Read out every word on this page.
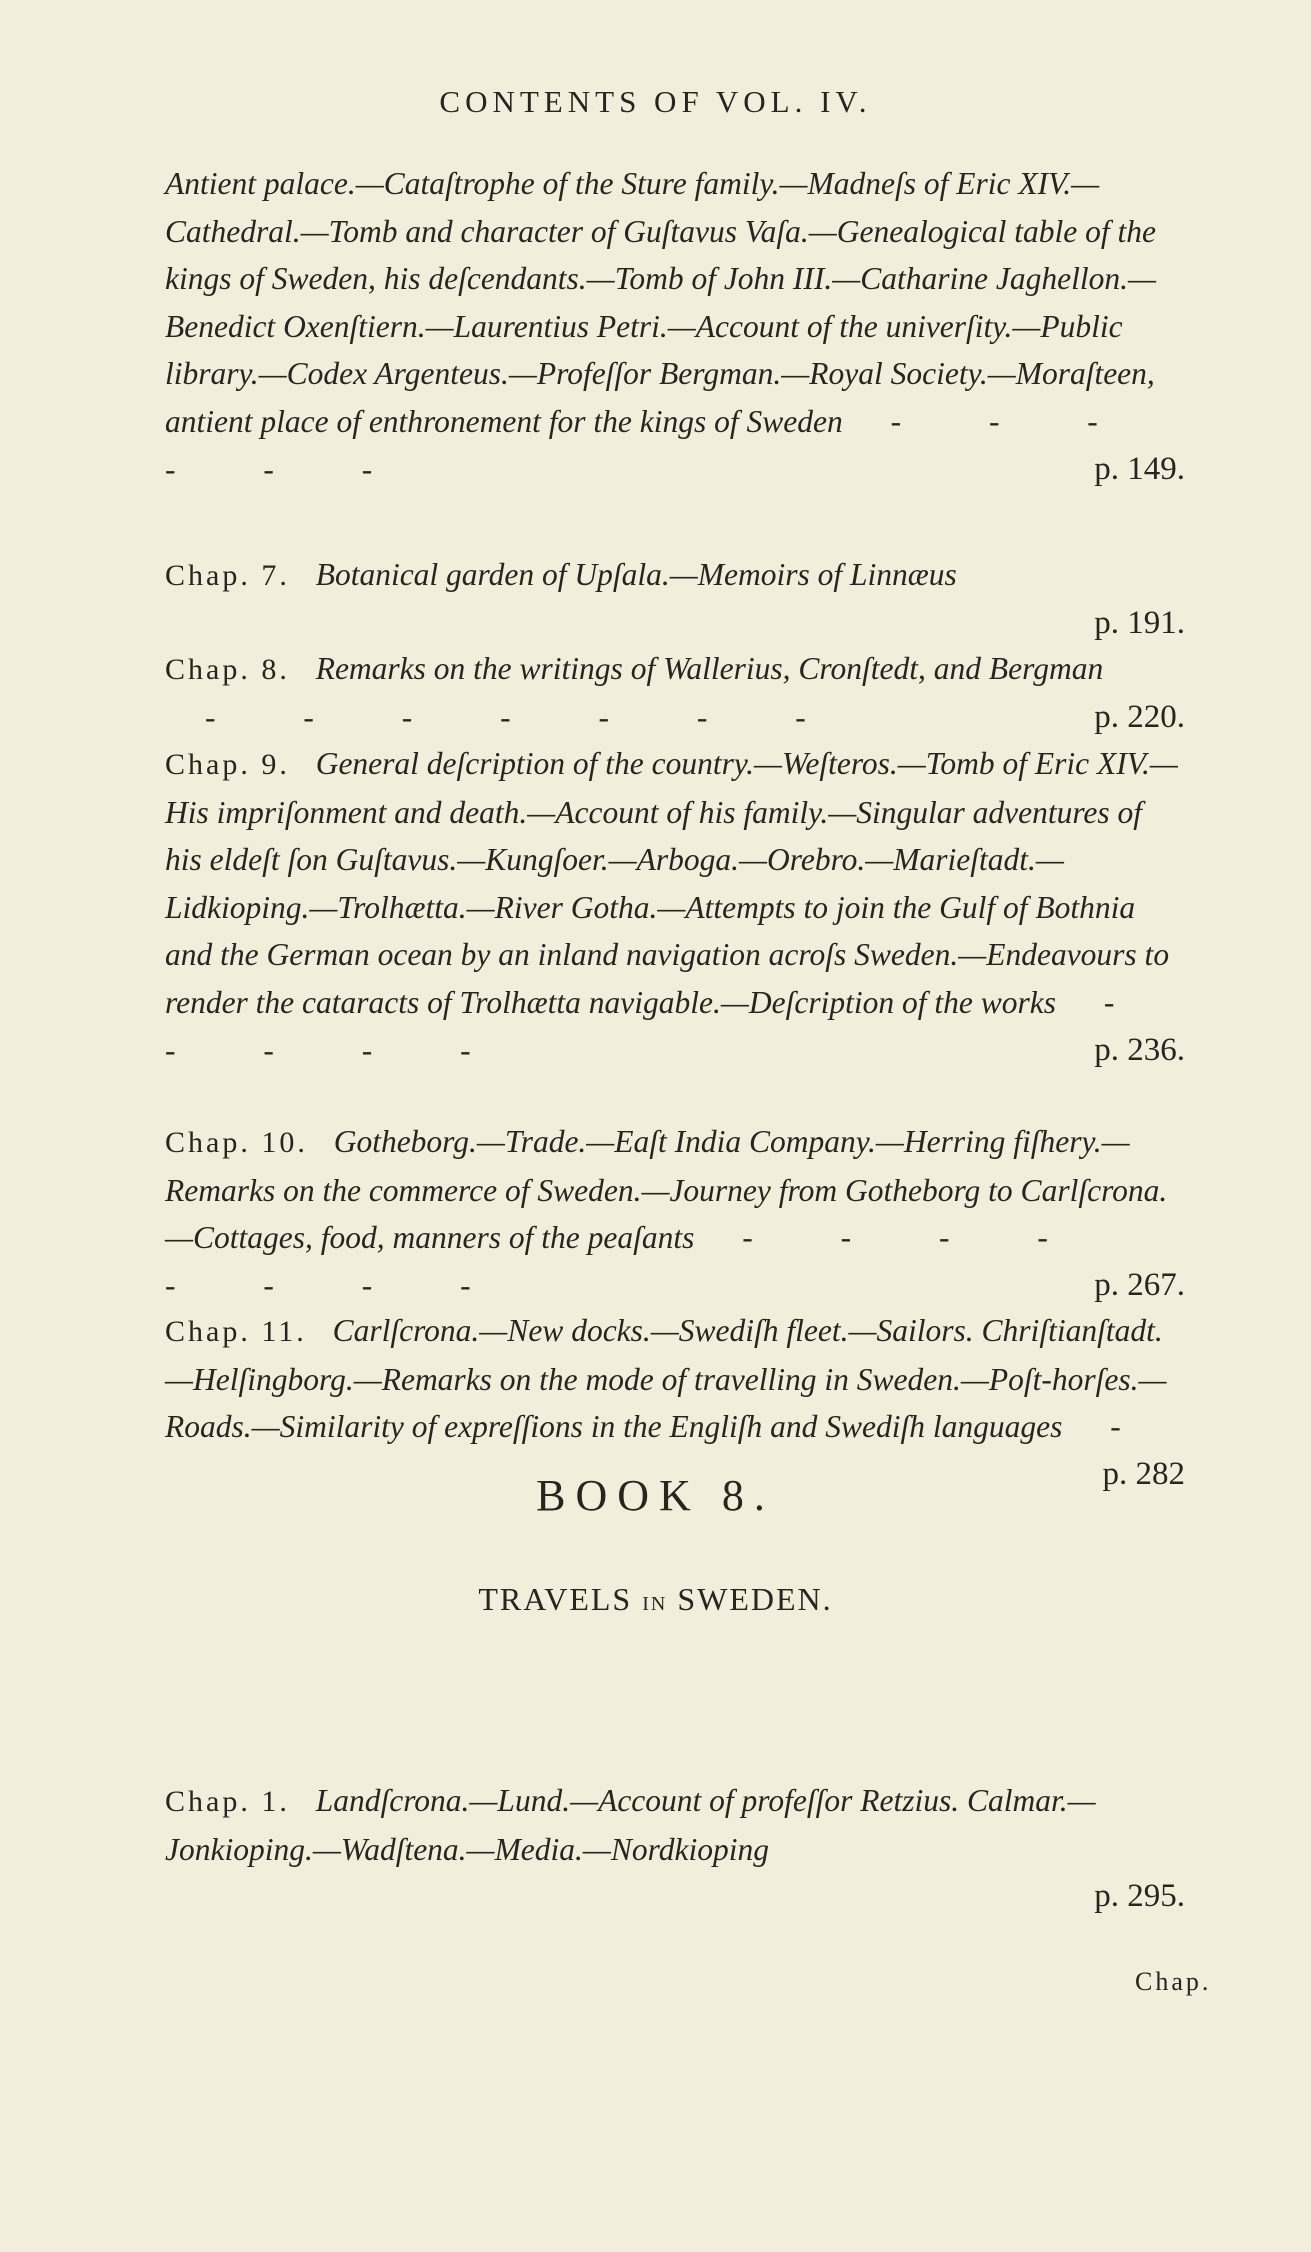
CONTENTS OF VOL. IV.
Antient palace.—Cataſtrophe of the Sture family.—Madneſs of Eric XIV.—Cathedral.—Tomb and character of Guſtavus Vaſa.—Genealogical table of the kings of Sweden, his deſcendants.—Tomb of John III.—Catharine Jaghellon.—Benedict Oxenſtiern.—Laurentius Petri.—Account of the univerſity.—Public library.—Codex Argenteus.—Profeſſor Bergman.—Royal Society.—Moraſteen, antient place of enthronement for the kings of Sweden - - - - - -	p. 149.
Chap. 7. Botanical garden of Upſala.—Memoirs of Linnæus

p. 191.
Chap. 8. Remarks on the writings of Wallerius, Cronſtedt, and Bergman - - - - - - -	p. 220.
Chap. 9. General deſcription of the country.—Weſteros.—Tomb of Eric XIV.—His impriſonment and death.—Account of his family.—Singular adventures of his eldeſt ſon Guſtavus.—Kungſoer.—Arboga.—Orebro.—Marieſtadt.—Lidkioping.—Trolhætta.—River Gotha.—Attempts to join the Gulf of Bothnia and the German ocean by an inland navigation acroſs Sweden.—Endeavours to render the cataracts of Trolhætta navigable.—Deſcription of the works - - - - -	p. 236.
Chap. 10. Gotheborg.—Trade.—Eaſt India Company.—Herring fiſhery.—Remarks on the commerce of Sweden.—Journey from Gotheborg to Carlſcrona.—Cottages, food, manners of the peaſants - - - - - - - -	p. 267.
Chap. 11. Carlſcrona.—New docks.—Swediſh fleet.—Sailors. Chriſtianſtadt.—Helſingborg.—Remarks on the mode of travelling in Sweden.—Poſt-horſes.—Roads.—Similarity of expreſſions in the Engliſh and Swediſh languages -
p. 282
BOOK 8.
TRAVELS IN SWEDEN.
Chap. 1. Landſcrona.—Lund.—Account of profeſſor Retzius. Calmar.—Jonkioping.—Wadſtena.—Media.—Nordkioping

p. 295.
Chap.
